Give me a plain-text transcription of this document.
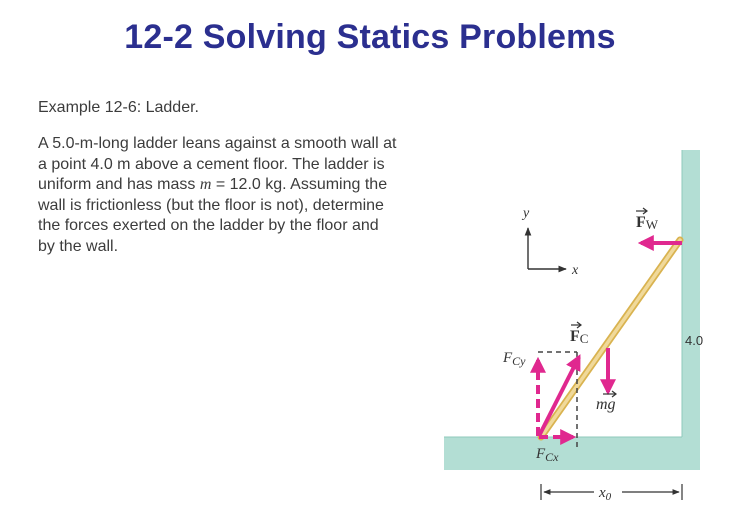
12-2 Solving Statics Problems
Example 12-6: Ladder.
A 5.0-m-long ladder leans against a smooth wall at
a point 4.0 m above a cement floor. The ladder is
uniform and has mass m = 12.0 kg. Assuming the
wall is frictionless (but the floor is not), determine
the forces exerted on the ladder by the floor and
by the wall.
4.0
y
x
FW
FC
mg
$F_{Cy}$
$F_{Cx}$
$x_0$
